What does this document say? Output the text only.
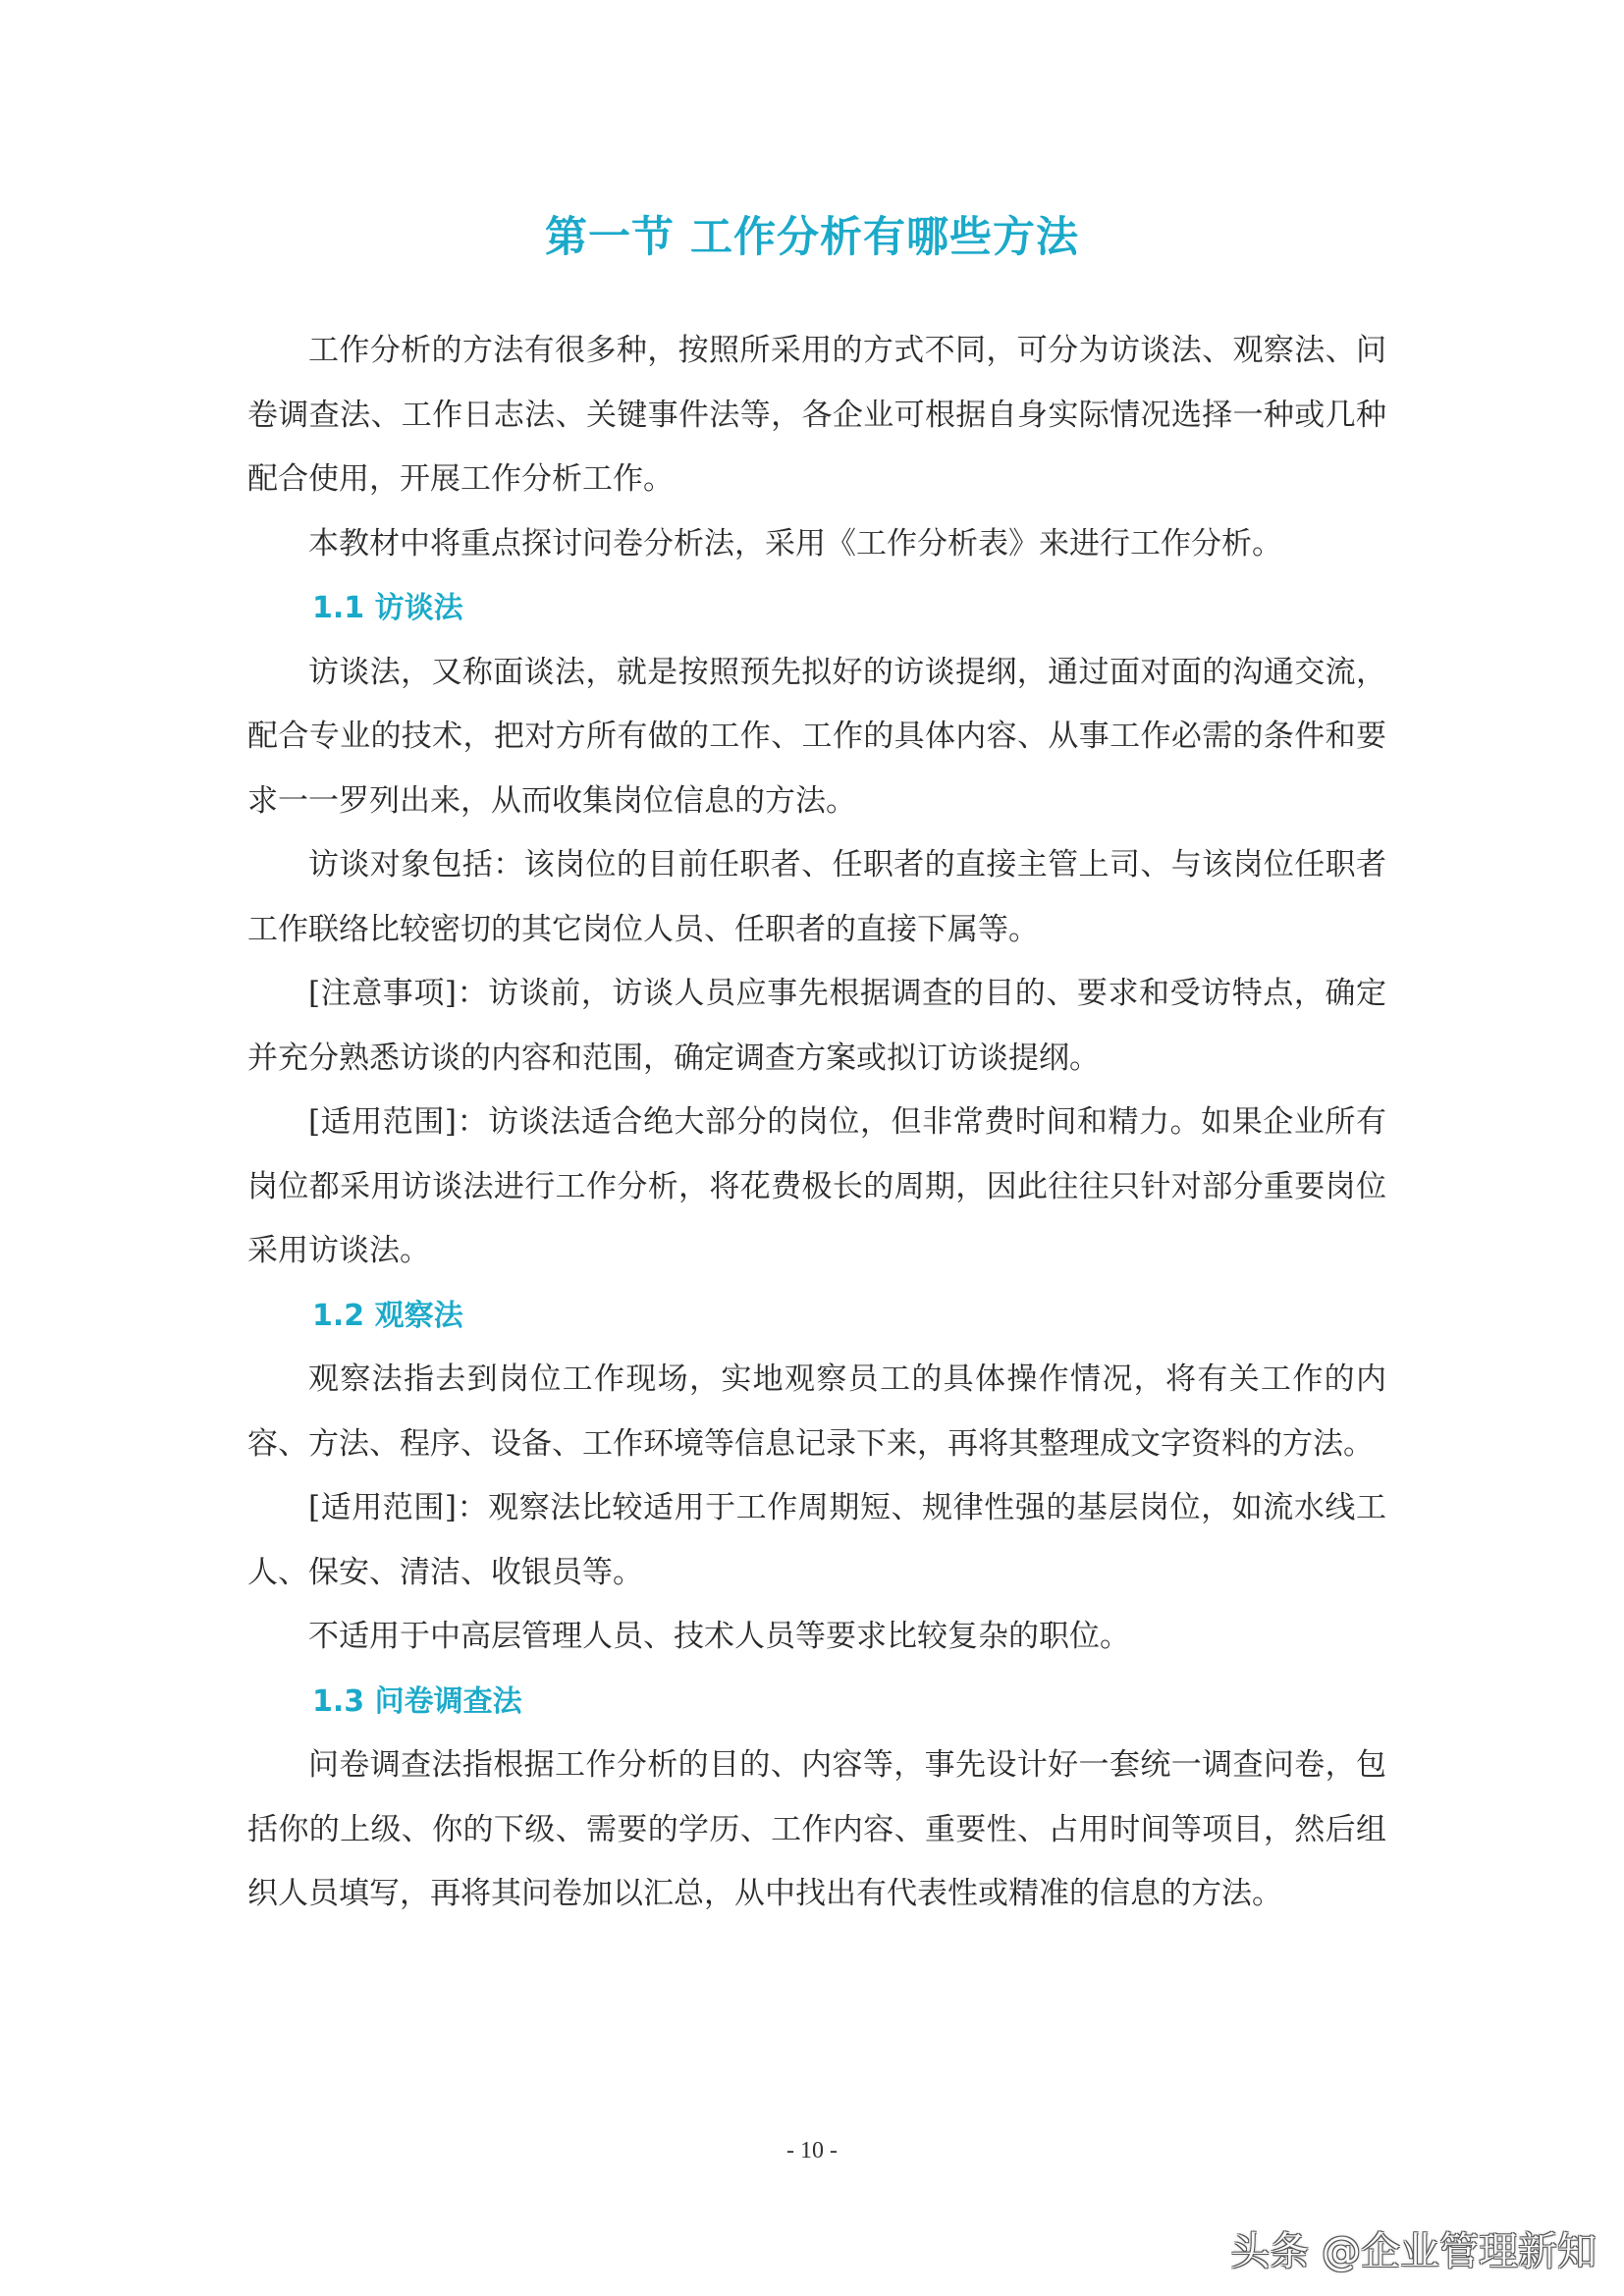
第一节 工作分析有哪些方法

工作分析的方法有很多种，按照所采用的方式不同，可分为访谈法、观察法、问卷调查法、工作日志法、关键事件法等，各企业可根据自身实际情况选择一种或几种配合使用，开展工作分析工作。

本教材中将重点探讨问卷分析法，采用《工作分析表》来进行工作分析。

1.1 访谈法

访谈法，又称面谈法，就是按照预先拟好的访谈提纲，通过面对面的沟通交流，配合专业的技术，把对方所有做的工作、工作的具体内容、从事工作必需的条件和要求一一罗列出来，从而收集岗位信息的方法。

访谈对象包括：该岗位的目前任职者、任职者的直接主管上司、与该岗位任职者工作联络比较密切的其它岗位人员、任职者的直接下属等。

[注意事项]：访谈前，访谈人员应事先根据调查的目的、要求和受访特点，确定并充分熟悉访谈的内容和范围，确定调查方案或拟订访谈提纲。

[适用范围]：访谈法适合绝大部分的岗位，但非常费时间和精力。如果企业所有岗位都采用访谈法进行工作分析，将花费极长的周期，因此往往只针对部分重要岗位采用访谈法。

1.2 观察法

观察法指去到岗位工作现场，实地观察员工的具体操作情况，将有关工作的内容、方法、程序、设备、工作环境等信息记录下来，再将其整理成文字资料的方法。

[适用范围]：观察法比较适用于工作周期短、规律性强的基层岗位，如流水线工人、保安、清洁、收银员等。

不适用于中高层管理人员、技术人员等要求比较复杂的职位。

1.3 问卷调查法

问卷调查法指根据工作分析的目的、内容等，事先设计好一套统一调查问卷，包括你的上级、你的下级、需要的学历、工作内容、重要性、占用时间等项目，然后组织人员填写，再将其问卷加以汇总，从中找出有代表性或精准的信息的方法。

- 10 -
头条 @企业管理新知
